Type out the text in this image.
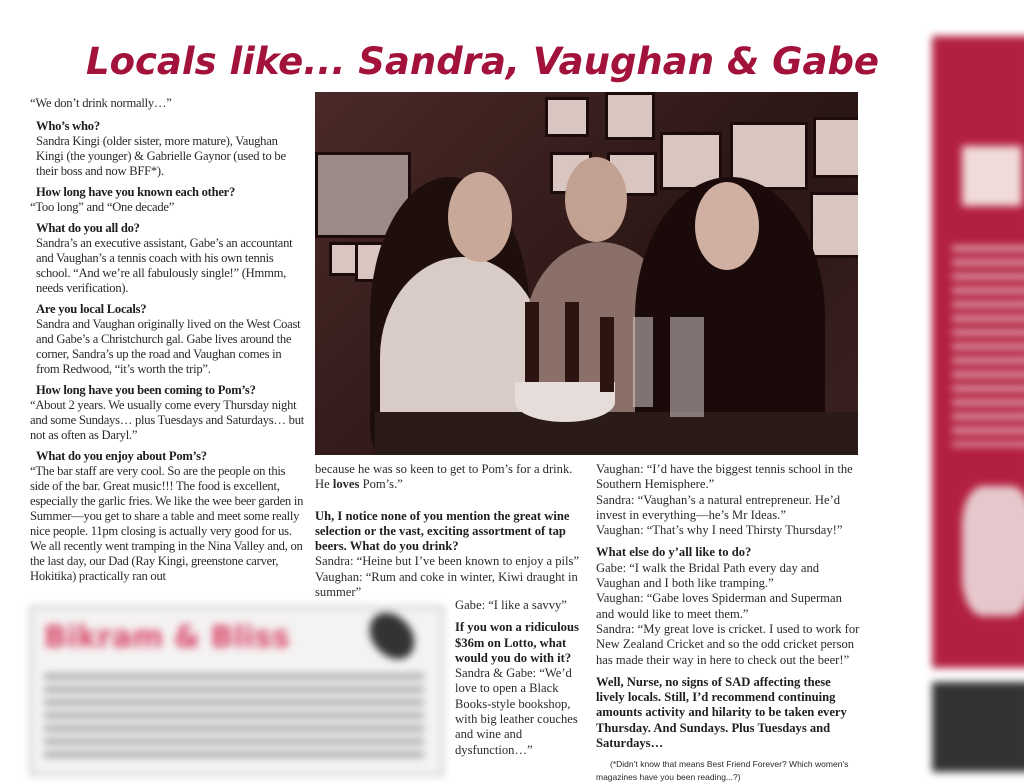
Locals like... Sandra, Vaughan & Gabe

“We don’t drink normally…”

Who’s who?
Sandra Kingi (older sister, more mature), Vaughan Kingi (the younger) & Gabrielle Gaynor (used to be their boss and now BFF*).

How long have you known each other?
“Too long” and “One decade”

What do you all do?
Sandra’s an executive assistant, Gabe’s an accountant and Vaughan’s a tennis coach with his own tennis school. “And we’re all fabulously single!” (Hmmm, needs verification).

Are you local Locals?
Sandra and Vaughan originally lived on the West Coast and Gabe’s a Christchurch gal. Gabe lives around the corner, Sandra’s up the road and Vaughan comes in from Redwood, “it’s worth the trip”.

How long have you been coming to Pom’s?
“About 2 years. We usually come every Thursday night and some Sundays… plus Tuesdays and Saturdays… but not as often as Daryl.”

What do you enjoy about Pom’s?
“The bar staff are very cool. So are the people on this side of the bar. Great music!!! The food is excellent, especially the garlic fries. We like the wee beer garden in Summer—you get to share a table and meet some really nice people. 11pm closing is actually very good for us. We all recently went tramping in the Nina Valley and, on the last day, our Dad (Ray Kingi, greenstone carver, Hokitika) practically ran out

because he was so keen to get to Pom’s for a drink. He loves Pom’s.”

Uh, I notice none of you mention the great wine selection or the vast, exciting assortment of tap beers. What do you drink?
Sandra: “Heine but I’ve been known to enjoy a pils”
Vaughan: “Rum and coke in winter, Kiwi draught in summer”

Gabe: “I like a savvy”

If you won a ridiculous $36m on Lotto, what would you do with it?
Sandra & Gabe: “We’d love to open a Black Books-style bookshop, with big leather couches and wine and dysfunction…”

Vaughan: “I’d have the biggest tennis school in the Southern Hemisphere.”
Sandra: “Vaughan’s a natural entrepreneur. He’d invest in everything—he’s Mr Ideas.”
Vaughan: “That’s why I need Thirsty Thursday!”

What else do y’all like to do?

Gabe: “I walk the Bridal Path every day and Vaughan and I both like tramping.”
Vaughan: “Gabe loves Spiderman and Superman and would like to meet them.”
Sandra: “My great love is cricket. I used to work for New Zealand Cricket and so the odd cricket person has made their way in here to check out the beer!”

Well, Nurse, no signs of SAD affecting these lively locals. Still, I’d recommend continuing amounts activity and hilarity to be taken every Thursday. And Sundays. Plus Tuesdays and Saturdays…

(*Didn’t know that means Best Friend Forever? Which women’s magazines have you been reading...?)
Bikram & Bliss
